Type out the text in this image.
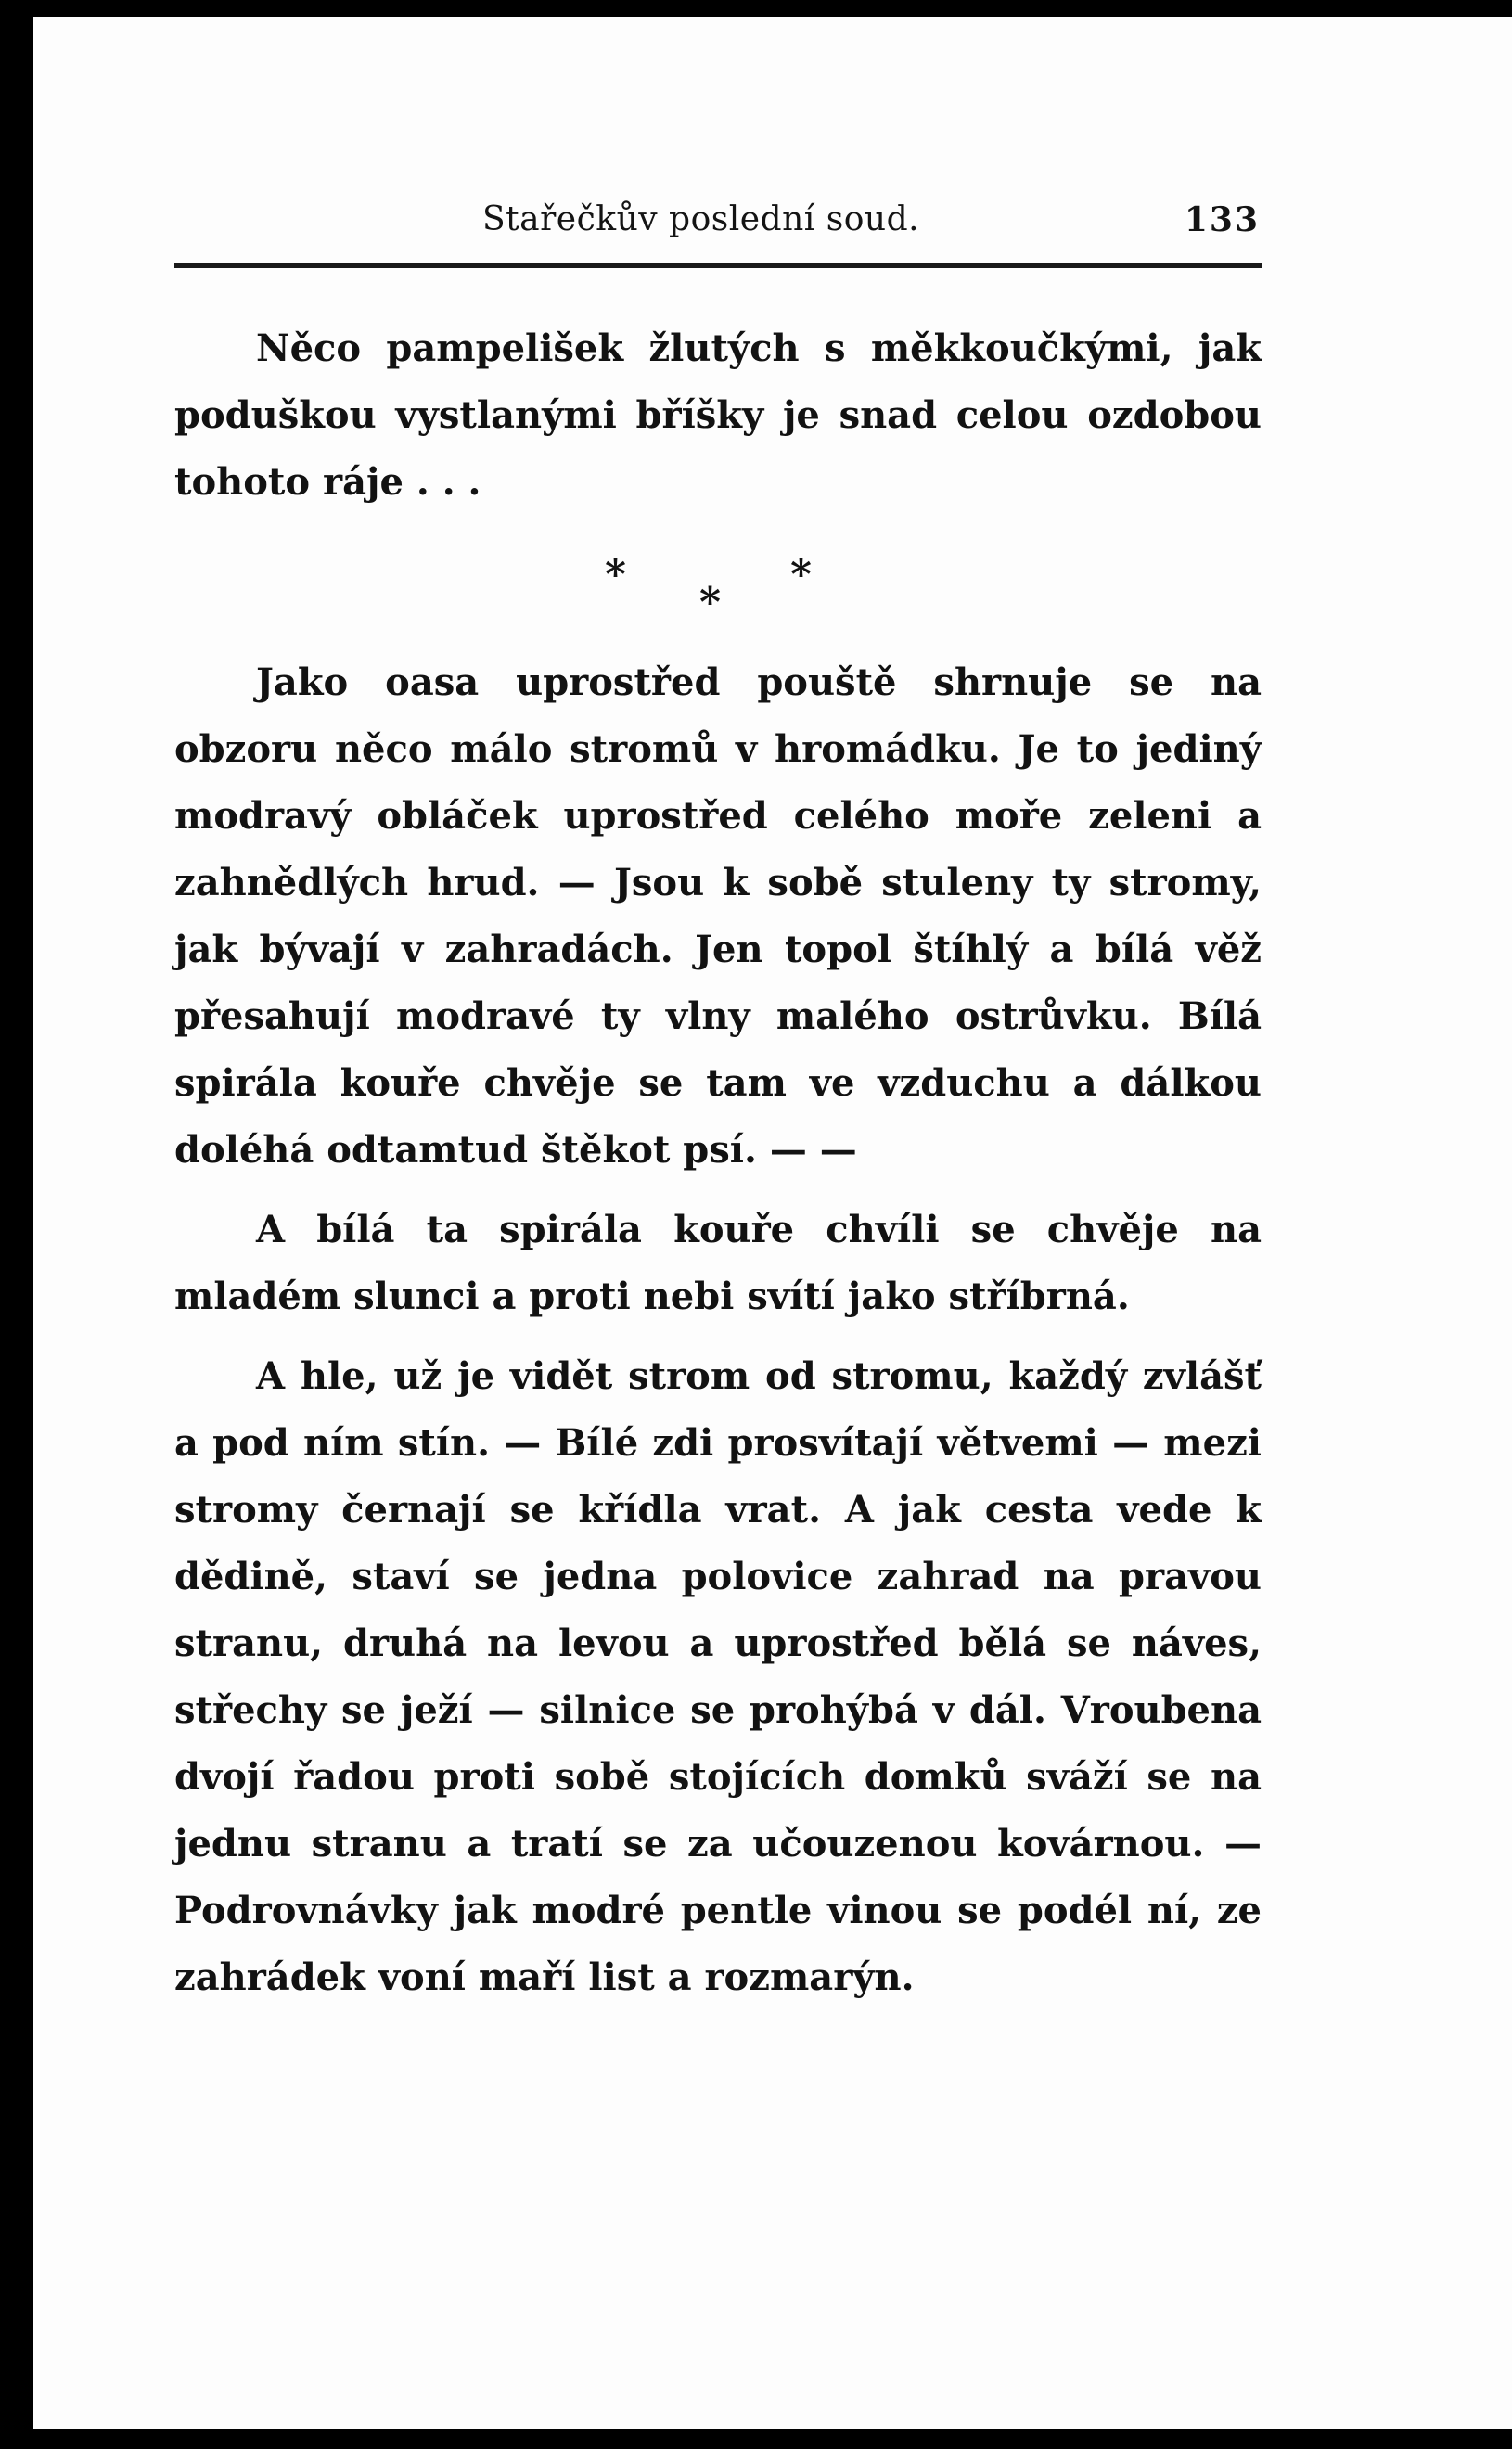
Stařečkův poslední soud.	133

Něco pampelišek žlutých s měkkoučkými, jak poduškou vystlanými bříšky je snad celou ozdobou tohoto ráje . . .

*
*
*

Jako oasa uprostřed pouště shrnuje se na obzoru něco málo stromů v hromádku. Je to jediný modravý obláček uprostřed celého moře zeleni a zahnědlých hrud. — Jsou k sobě stuleny ty stromy, jak bývají v zahradách. Jen topol štíhlý a bílá věž přesahují modravé ty vlny malého ostrůvku. Bílá spirála kouře chvěje se tam ve vzduchu a dálkou doléhá odtamtud štěkot psí. — —

A bílá ta spirála kouře chvíli se chvěje na mladém slunci a proti nebi svítí jako stříbrná.

A hle, už je vidět strom od stromu, každý zvlášť a pod ním stín. — Bílé zdi prosvítají větvemi — mezi stromy černají se křídla vrat. A jak cesta vede k dědině, staví se jedna polovice zahrad na pravou stranu, druhá na levou a uprostřed bělá se náves, střechy se ježí — silnice se prohýbá v dál. Vroubena dvojí řadou proti sobě stojících domků sváží se na jednu stranu a tratí se za učouzenou kovárnou. — Podrovnávky jak modré pentle vinou se podél ní, ze zahrádek voní maří list a rozmarýn.
